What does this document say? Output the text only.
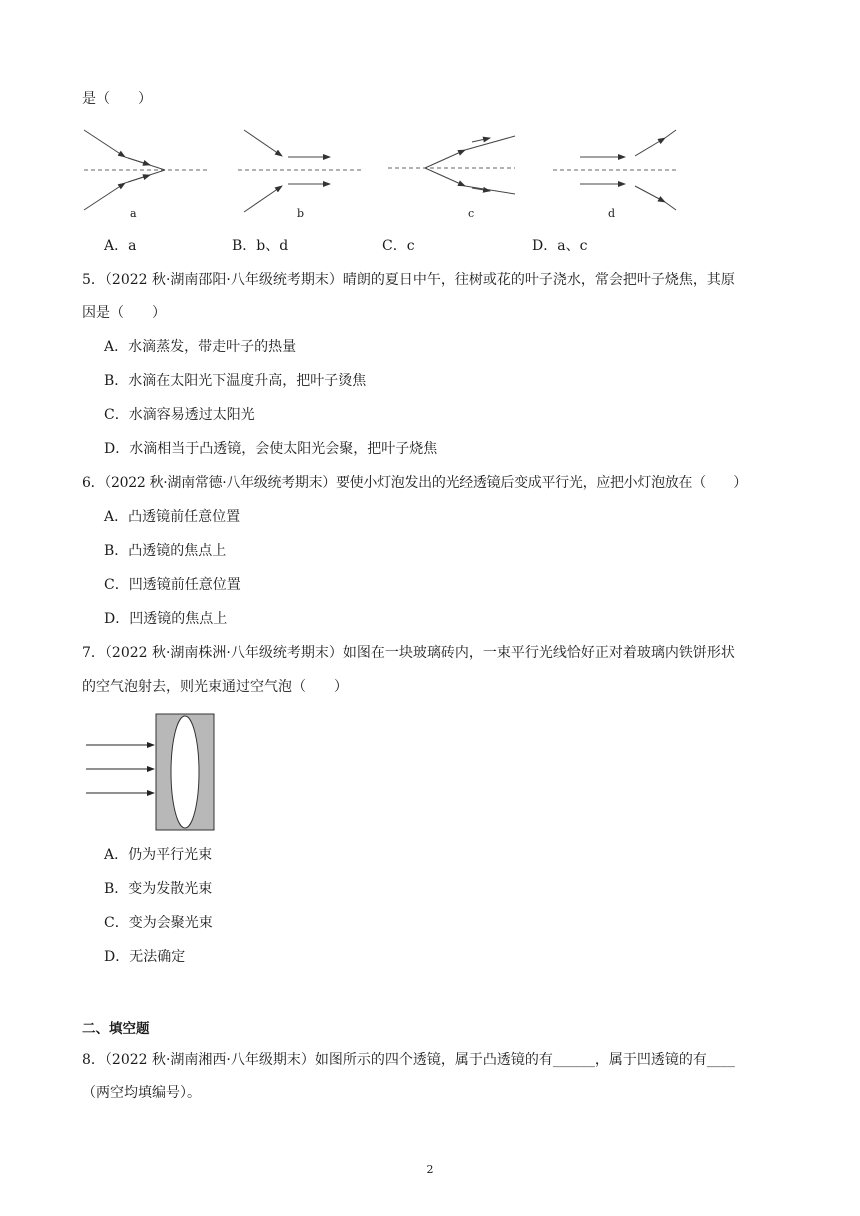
是（　　）
a	b	c	d
A．a	B．b、d	C．c	D．a、c
5．（2022 秋·湖南邵阳·八年级统考期末）晴朗的夏日中午，往树或花的叶子浇水，常会把叶子烧焦，其原
因是（　　）
A．水滴蒸发，带走叶子的热量
B．水滴在太阳光下温度升高，把叶子烫焦
C．水滴容易透过太阳光
D．水滴相当于凸透镜，会使太阳光会聚，把叶子烧焦
6．（2022 秋·湖南常德·八年级统考期末）要使小灯泡发出的光经透镜后变成平行光，应把小灯泡放在（　　）
A．凸透镜前任意位置
B．凸透镜的焦点上
C．凹透镜前任意位置
D．凹透镜的焦点上
7．（2022 秋·湖南株洲·八年级统考期末）如图在一块玻璃砖内，一束平行光线恰好正对着玻璃内铁饼形状
的空气泡射去，则光束通过空气泡（　　）
A．仍为平行光束
B．变为发散光束
C．变为会聚光束
D．无法确定
二、填空题
8．（2022 秋·湖南湘西·八年级期末）如图所示的四个透镜，属于凸透镜的有______，属于凹透镜的有____
（两空均填编号）。
2
